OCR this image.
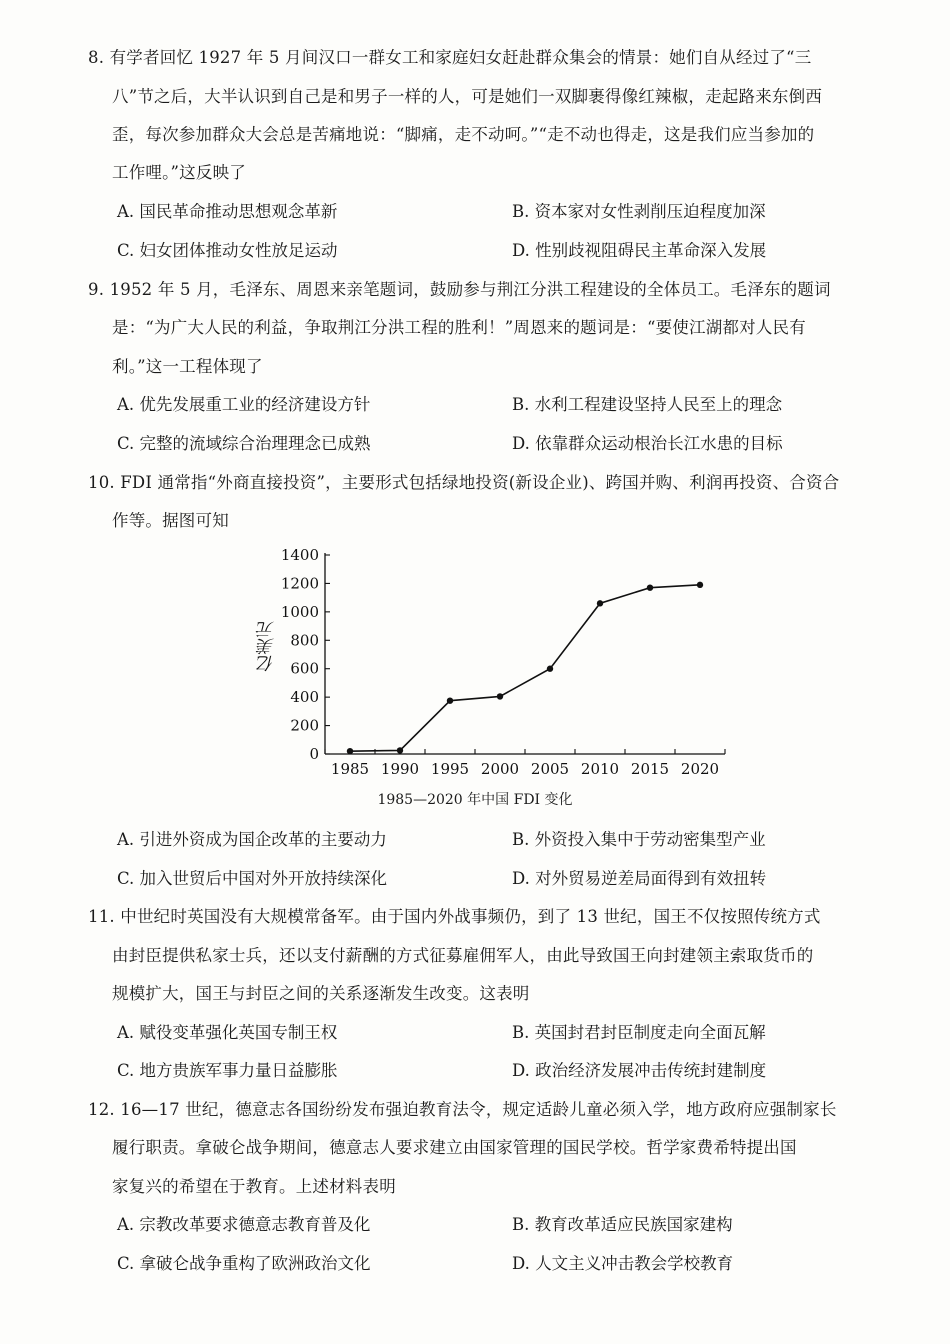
8. 有学者回忆 1927 年 5 月间汉口一群女工和家庭妇女赶赴群众集会的情景：她们自从经过了“三
八”节之后，大半认识到自己是和男子一样的人，可是她们一双脚裹得像红辣椒，走起路来东倒西
歪，每次参加群众大会总是苦痛地说：“脚痛，走不动呵。”“走不动也得走，这是我们应当参加的
工作哩。”这反映了
A. 国民革命推动思想观念革新	B. 资本家对女性剥削压迫程度加深
C. 妇女团体推动女性放足运动	D. 性别歧视阻碍民主革命深入发展
9. 1952 年 5 月，毛泽东、周恩来亲笔题词，鼓励参与荆江分洪工程建设的全体员工。毛泽东的题词
是：“为广大人民的利益，争取荆江分洪工程的胜利！”周恩来的题词是：“要使江湖都对人民有
利。”这一工程体现了
A. 优先发展重工业的经济建设方针	B. 水利工程建设坚持人民至上的理念
C. 完整的流域综合治理理念已成熟	D. 依靠群众运动根治长江水患的目标
10. FDI 通常指“外商直接投资”，主要形式包括绿地投资(新设企业)、跨国并购、利润再投资、合资合
作等。据图可知
0
200
400
600
800
1000
1200
1400
1985 1990 1995 2000 2005 2010 2015 2020
亿美元
1985—2020 年中国 FDI 变化
A. 引进外资成为国企改革的主要动力	B. 外资投入集中于劳动密集型产业
C. 加入世贸后中国对外开放持续深化	D. 对外贸易逆差局面得到有效扭转
11. 中世纪时英国没有大规模常备军。由于国内外战事频仍，到了 13 世纪，国王不仅按照传统方式
由封臣提供私家士兵，还以支付薪酬的方式征募雇佣军人，由此导致国王向封建领主索取货币的
规模扩大，国王与封臣之间的关系逐渐发生改变。这表明
A. 赋役变革强化英国专制王权	B. 英国封君封臣制度走向全面瓦解
C. 地方贵族军事力量日益膨胀	D. 政治经济发展冲击传统封建制度
12. 16—17 世纪，德意志各国纷纷发布强迫教育法令，规定适龄儿童必须入学，地方政府应强制家长
履行职责。拿破仑战争期间，德意志人要求建立由国家管理的国民学校。哲学家费希特提出国
家复兴的希望在于教育。上述材料表明
A. 宗教改革要求德意志教育普及化	B. 教育改革适应民族国家建构
C. 拿破仑战争重构了欧洲政治文化	D. 人文主义冲击教会学校教育
